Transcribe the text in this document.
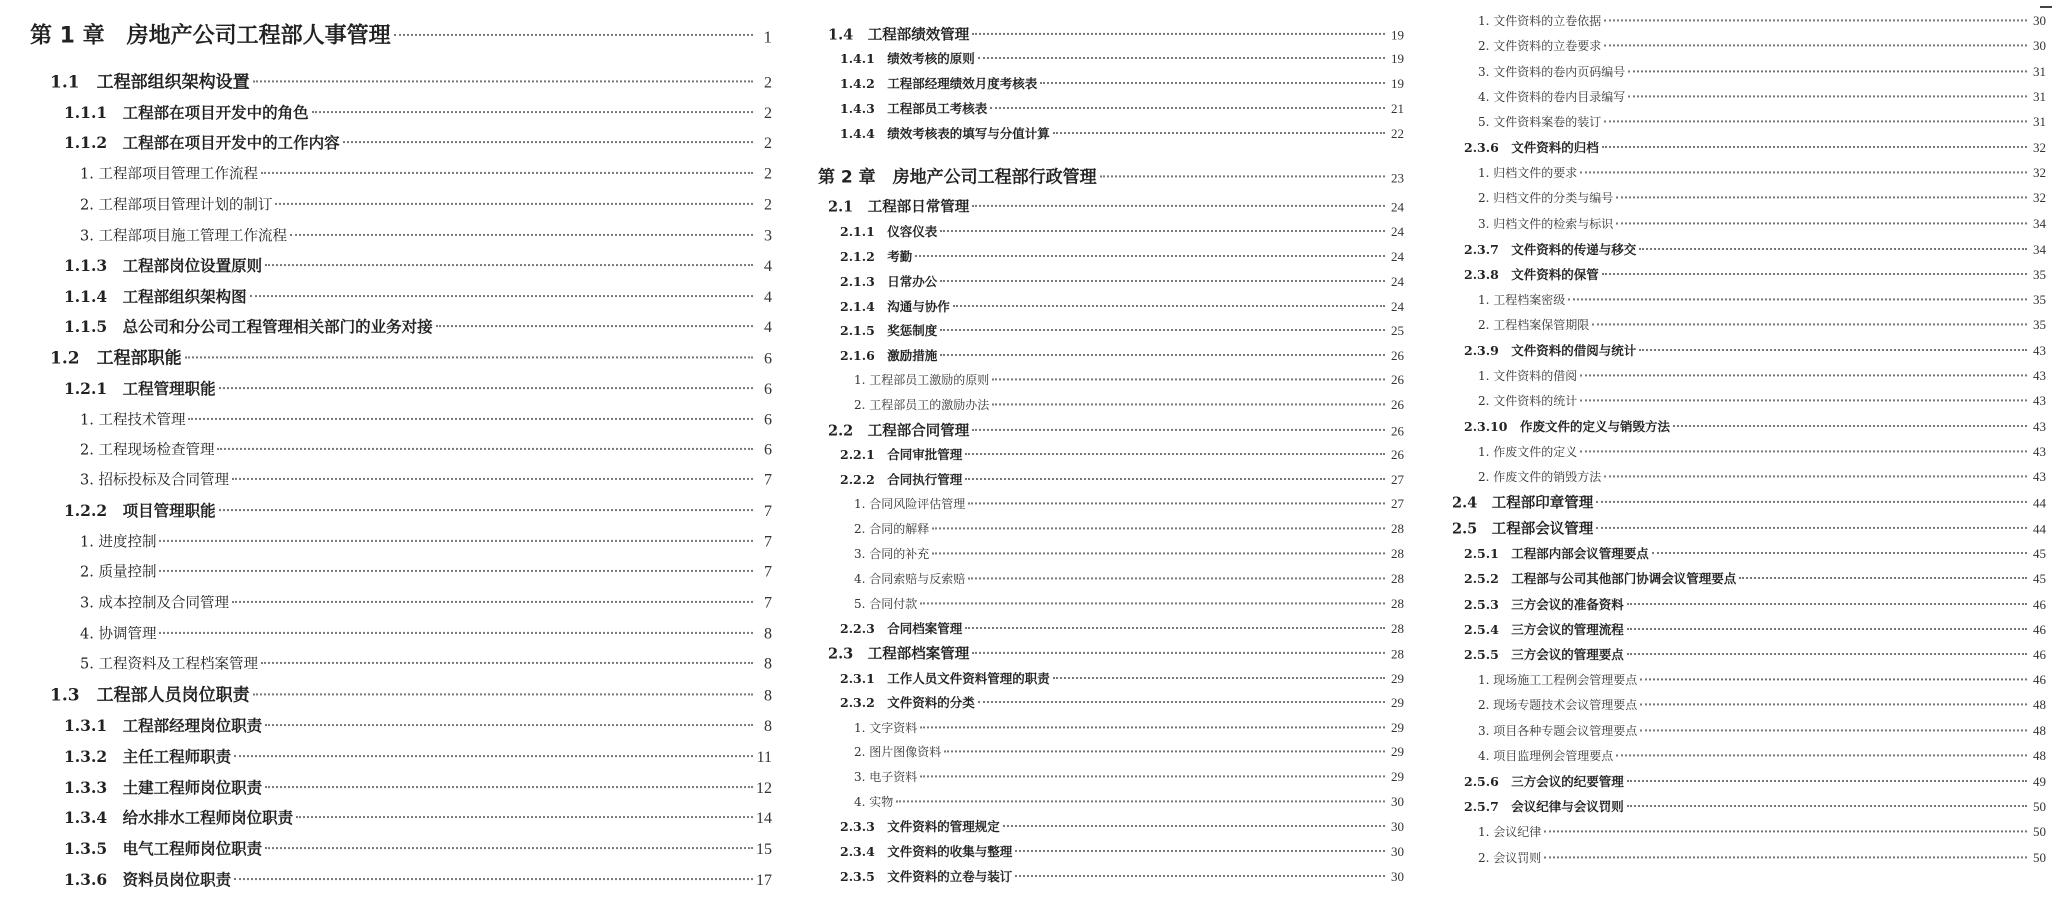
第 1 章　房地产公司工程部人事管理	1
1.1　工程部组织架构设置	2
1.1.1　工程部在项目开发中的角色	2
1.1.2　工程部在项目开发中的工作内容	2
1. 工程部项目管理工作流程	2
2. 工程部项目管理计划的制订	2
3. 工程部项目施工管理工作流程	3
1.1.3　工程部岗位设置原则	4
1.1.4　工程部组织架构图	4
1.1.5　总公司和分公司工程管理相关部门的业务对接	4
1.2　工程部职能	6
1.2.1　工程管理职能	6
1. 工程技术管理	6
2. 工程现场检查管理	6
3. 招标投标及合同管理	7
1.2.2　项目管理职能	7
1. 进度控制	7
2. 质量控制	7
3. 成本控制及合同管理	7
4. 协调管理	8
5. 工程资料及工程档案管理	8
1.3　工程部人员岗位职责	8
1.3.1　工程部经理岗位职责	8
1.3.2　主任工程师职责	11
1.3.3　土建工程师岗位职责	12
1.3.4　给水排水工程师岗位职责	14
1.3.5　电气工程师岗位职责	15
1.3.6　资料员岗位职责	17
1.4　工程部绩效管理	19
1.4.1　绩效考核的原则	19
1.4.2　工程部经理绩效月度考核表	19
1.4.3　工程部员工考核表	21
1.4.4　绩效考核表的填写与分值计算	22
第 2 章　房地产公司工程部行政管理	23
2.1　工程部日常管理	24
2.1.1　仪容仪表	24
2.1.2　考勤	24
2.1.3　日常办公	24
2.1.4　沟通与协作	24
2.1.5　奖惩制度	25
2.1.6　激励措施	26
1. 工程部员工激励的原则	26
2. 工程部员工的激励办法	26
2.2　工程部合同管理	26
2.2.1　合同审批管理	26
2.2.2　合同执行管理	27
1. 合同风险评估管理	27
2. 合同的解释	28
3. 合同的补充	28
4. 合同索赔与反索赔	28
5. 合同付款	28
2.2.3　合同档案管理	28
2.3　工程部档案管理	28
2.3.1　工作人员文件资料管理的职责	29
2.3.2　文件资料的分类	29
1. 文字资料	29
2. 图片图像资料	29
3. 电子资料	29
4. 实物	30
2.3.3　文件资料的管理规定	30
2.3.4　文件资料的收集与整理	30
2.3.5　文件资料的立卷与装订	30
1. 文件资料的立卷依据	30
2. 文件资料的立卷要求	30
3. 文件资料的卷内页码编号	31
4. 文件资料的卷内目录编写	31
5. 文件资料案卷的装订	31
2.3.6　文件资料的归档	32
1. 归档文件的要求	32
2. 归档文件的分类与编号	32
3. 归档文件的检索与标识	34
2.3.7　文件资料的传递与移交	34
2.3.8　文件资料的保管	35
1. 工程档案密级	35
2. 工程档案保管期限	35
2.3.9　文件资料的借阅与统计	43
1. 文件资料的借阅	43
2. 文件资料的统计	43
2.3.10　作废文件的定义与销毁方法	43
1. 作废文件的定义	43
2. 作废文件的销毁方法	43
2.4　工程部印章管理	44
2.5　工程部会议管理	44
2.5.1　工程部内部会议管理要点	45
2.5.2　工程部与公司其他部门协调会议管理要点	45
2.5.3　三方会议的准备资料	46
2.5.4　三方会议的管理流程	46
2.5.5　三方会议的管理要点	46
1. 现场施工工程例会管理要点	46
2. 现场专题技术会议管理要点	48
3. 项目各种专题会议管理要点	48
4. 项目监理例会管理要点	48
2.5.6　三方会议的纪要管理	49
2.5.7　会议纪律与会议罚则	50
1. 会议纪律	50
2. 会议罚则	50
